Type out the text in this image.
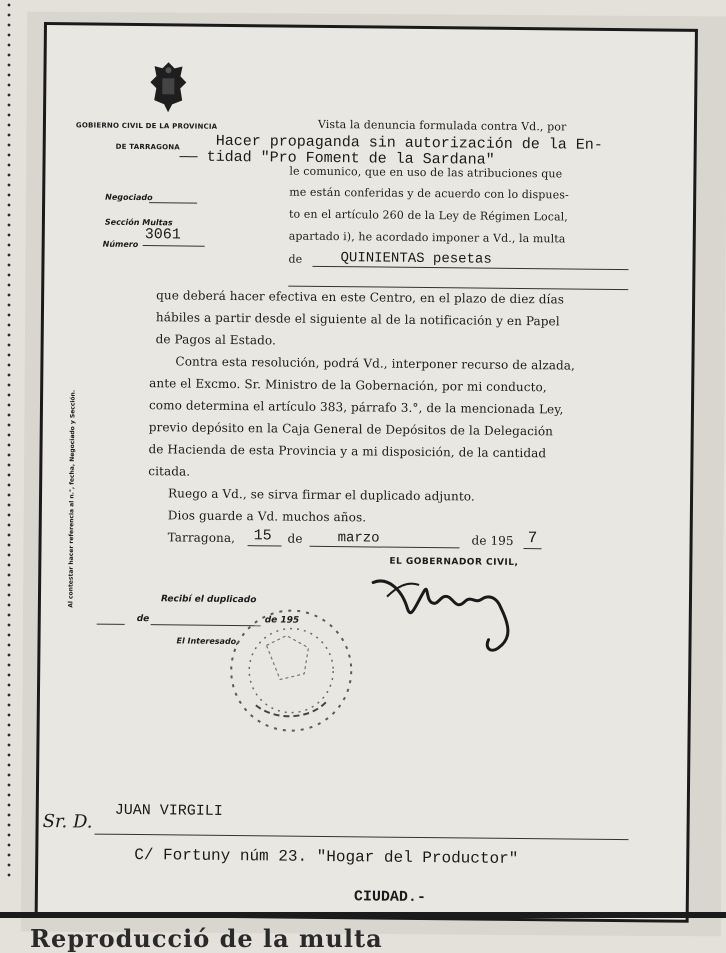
GOBIERNO CIVIL DE LA PROVINCIA
DE TARRAGONA
Vista la denuncia formulada contra Vd., por
Hacer propaganda sin autorización de la En-
—— tidad "Pro Foment de la Sardana"
le comunico, que en uso de las atribuciones que
me están conferidas y de acuerdo con lo dispues-
to en el artículo 260 de la Ley de Régimen Local,
apartado i), he acordado imponer a Vd., la multa
de	QUINIENTAS pesetas
Negociado
Sección Multas
Número
3061
que deberá hacer efectiva en este Centro, en el plazo de diez días
hábiles a partir desde el siguiente al de la notificación y en Papel
de Pagos al Estado.
Contra esta resolución, podrá Vd., interponer recurso de alzada,
ante el Excmo. Sr. Ministro de la Gobernación, por mi conducto,
como determina el artículo 383, párrafo 3.°, de la mencionada Ley,
previo depósito en la Caja General de Depósitos de la Delegación
de Hacienda de esta Provincia y a mi disposición, de la cantidad
citada.
Ruego a Vd., se sirva firmar el duplicado adjunto.
Dios guarde a Vd. muchos años.
Tarragona, 15 de marzo	de 195 7
EL GOBERNADOR CIVIL,
Recibí el duplicado
de	de 195
El Interesado,
Al contestar hacer referencia al n.°, fecha, Negociado y Sección.
Sr. D.
JUAN VIRGILI
C/ Fortuny núm 23. "Hogar del Productor"
CIUDAD.-
Reproducció de la multa
